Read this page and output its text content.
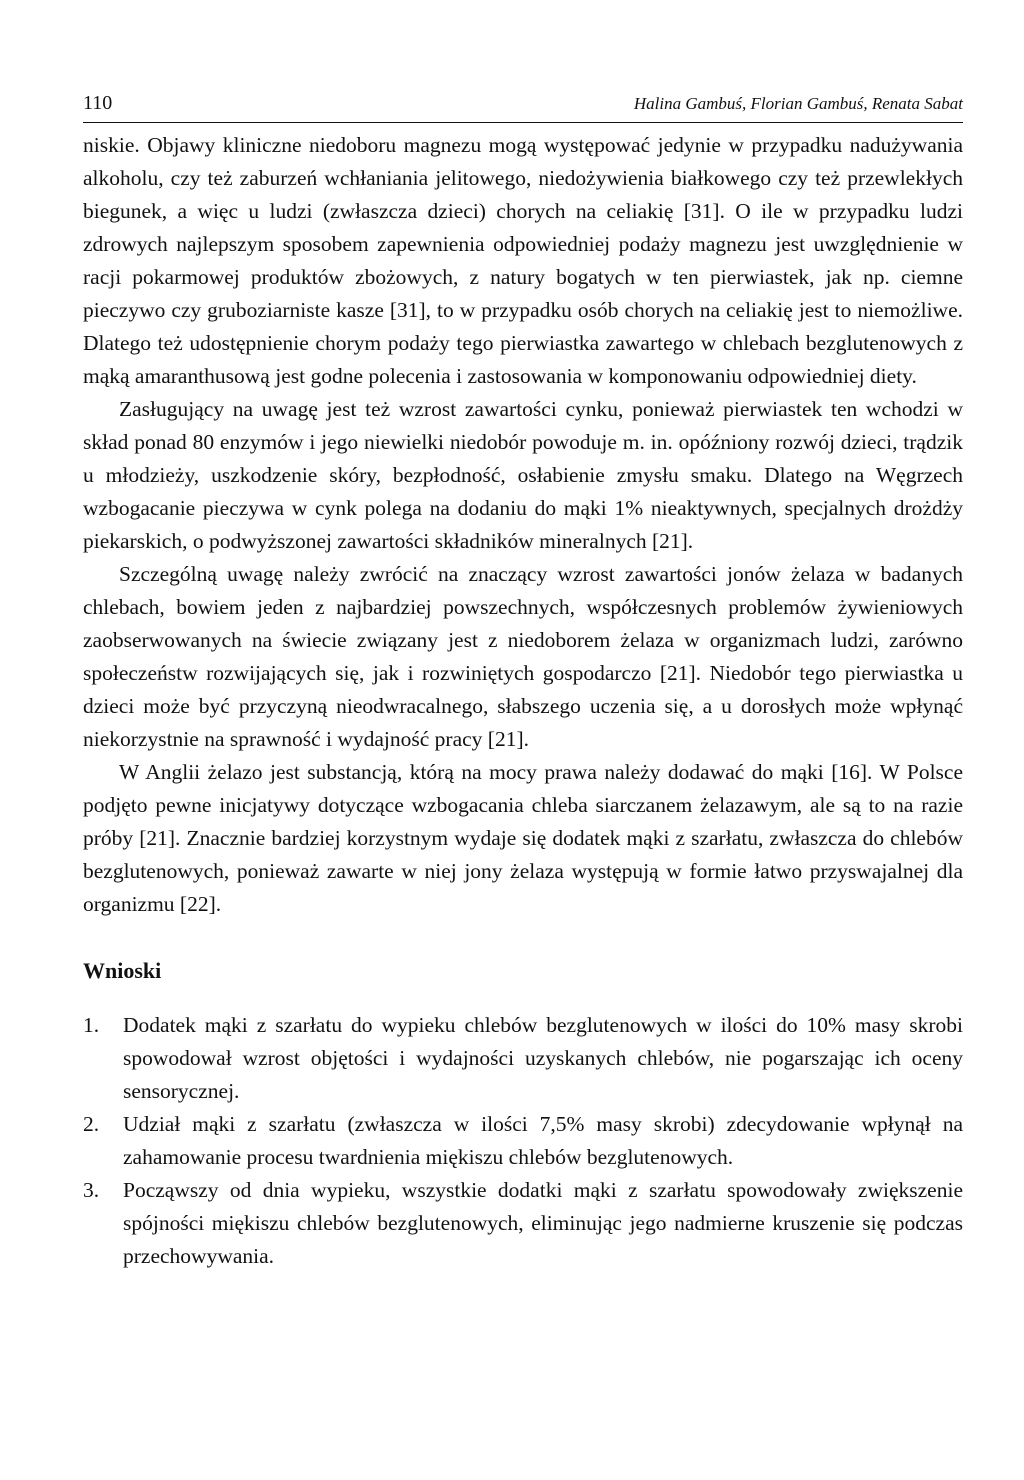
110	Halina Gambuś, Florian Gambuś, Renata Sabat

niskie. Objawy kliniczne niedoboru magnezu mogą występować jedynie w przypadku nadużywania alkoholu, czy też zaburzeń wchłaniania jelitowego, niedożywienia białkowego czy też przewlekłych biegunek, a więc u ludzi (zwłaszcza dzieci) chorych na celiakię [31]. O ile w przypadku ludzi zdrowych najlepszym sposobem zapewnienia odpowiedniej podaży magnezu jest uwzględnienie w racji pokarmowej produktów zbożowych, z natury bogatych w ten pierwiastek, jak np. ciemne pieczywo czy gruboziarniste kasze [31], to w przypadku osób chorych na celiakię jest to niemożliwe. Dlatego też udostępnienie chorym podaży tego pierwiastka zawartego w chlebach bezglutenowych z mąką amaranthusową jest godne polecenia i zastosowania w komponowaniu odpowiedniej diety.

Zasługujący na uwagę jest też wzrost zawartości cynku, ponieważ pierwiastek ten wchodzi w skład ponad 80 enzymów i jego niewielki niedobór powoduje m. in. opóźniony rozwój dzieci, trądzik u młodzieży, uszkodzenie skóry, bezpłodność, osłabienie zmysłu smaku. Dlatego na Węgrzech wzbogacanie pieczywa w cynk polega na dodaniu do mąki 1% nieaktywnych, specjalnych drożdży piekarskich, o podwyższonej zawartości składników mineralnych [21].

Szczególną uwagę należy zwrócić na znaczący wzrost zawartości jonów żelaza w badanych chlebach, bowiem jeden z najbardziej powszechnych, współczesnych problemów żywieniowych zaobserwowanych na świecie związany jest z niedoborem żelaza w organizmach ludzi, zarówno społeczeństw rozwijających się, jak i rozwiniętych gospodarczo [21]. Niedobór tego pierwiastka u dzieci może być przyczyną nieodwracalnego, słabszego uczenia się, a u dorosłych może wpłynąć niekorzystnie na sprawność i wydajność pracy [21].

W Anglii żelazo jest substancją, którą na mocy prawa należy dodawać do mąki [16]. W Polsce podjęto pewne inicjatywy dotyczące wzbogacania chleba siarczanem żelazawym, ale są to na razie próby [21]. Znacznie bardziej korzystnym wydaje się dodatek mąki z szarłatu, zwłaszcza do chlebów bezglutenowych, ponieważ zawarte w niej jony żelaza występują w formie łatwo przyswajalnej dla organizmu [22].

Wnioski
1.	Dodatek mąki z szarłatu do wypieku chlebów bezglutenowych w ilości do 10% masy skrobi spowodował wzrost objętości i wydajności uzyskanych chlebów, nie pogarszając ich oceny sensorycznej.
2.	Udział mąki z szarłatu (zwłaszcza w ilości 7,5% masy skrobi) zdecydowanie wpłynął na zahamowanie procesu twardnienia miękiszu chlebów bezglutenowych.
3.	Począwszy od dnia wypieku, wszystkie dodatki mąki z szarłatu spowodowały zwiększenie spójności miękiszu chlebów bezglutenowych, eliminując jego nadmierne kruszenie się podczas przechowywania.
